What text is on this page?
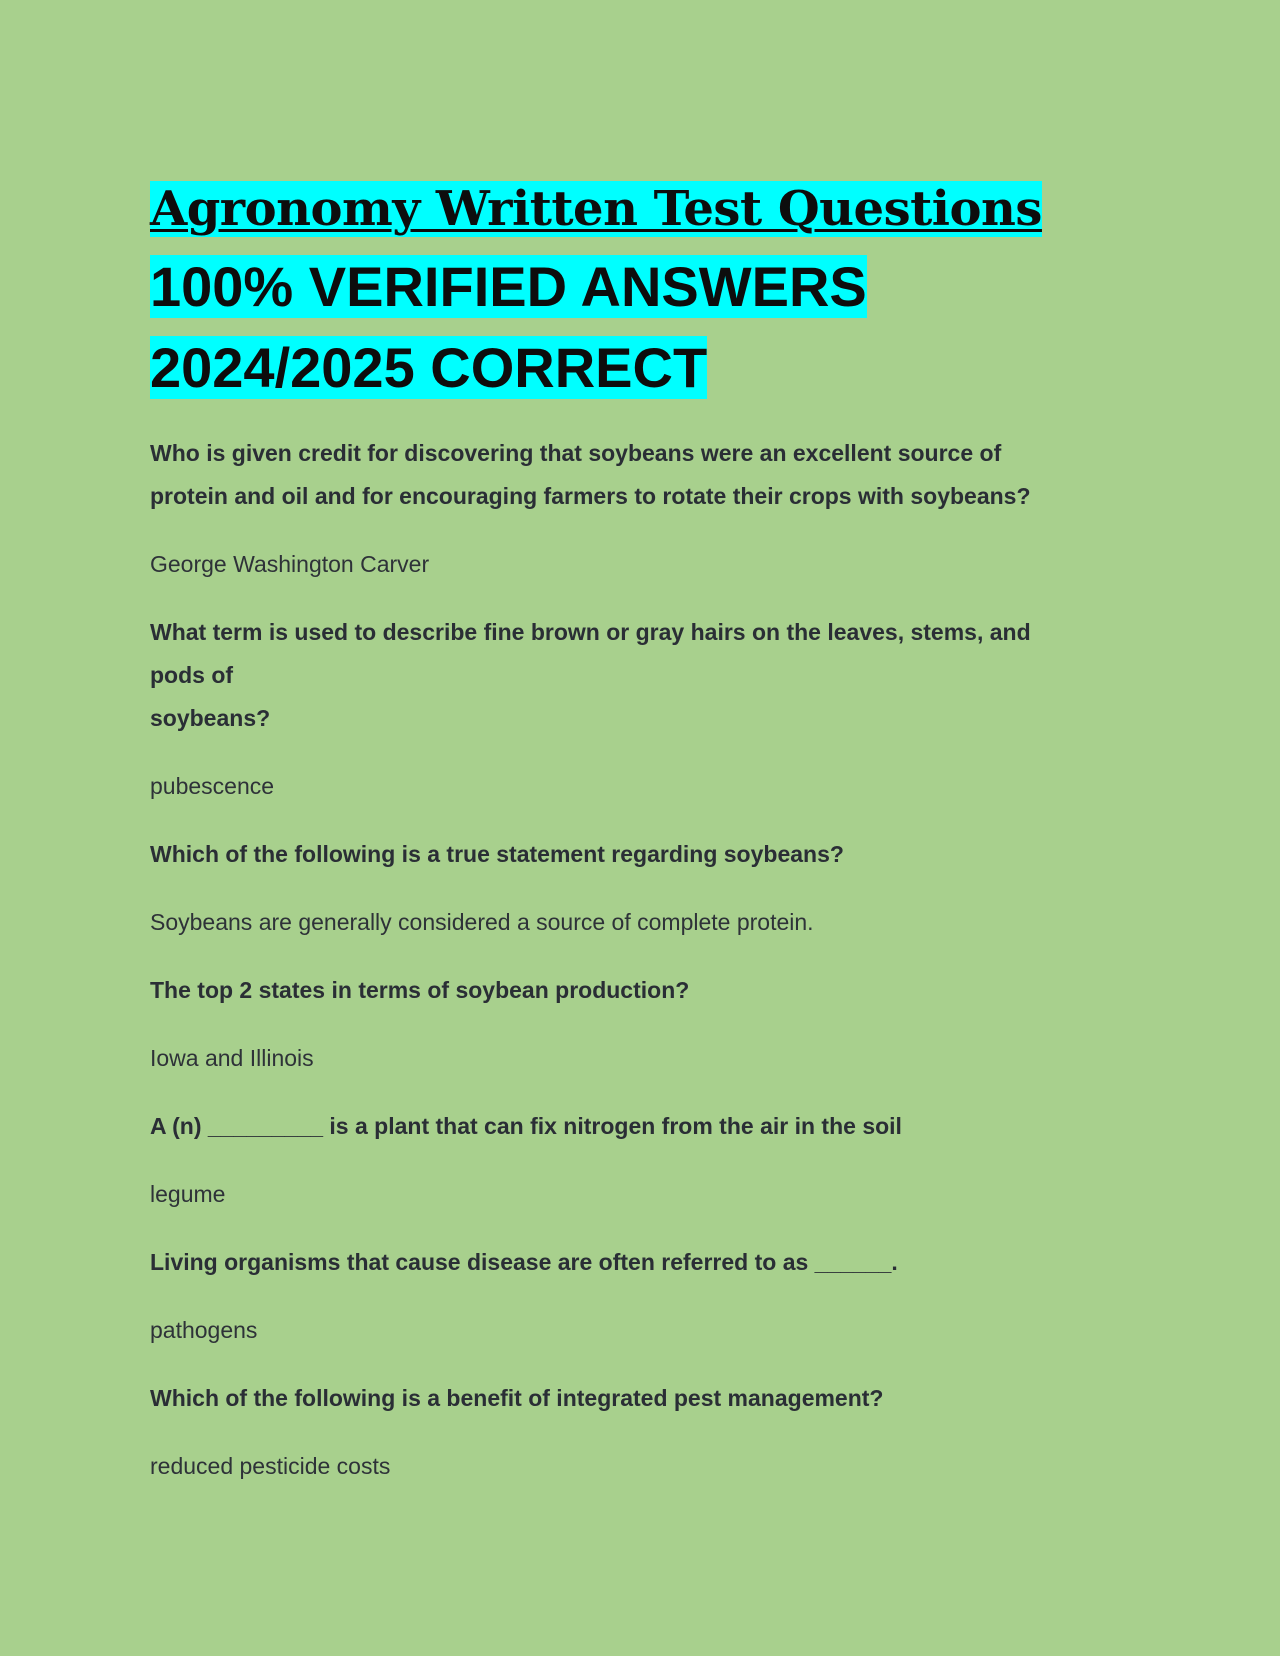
Agronomy Written Test Questions
100% VERIFIED ANSWERS
2024/2025 CORRECT

Who is given credit for discovering that soybeans were an excellent source of
protein and oil and for encouraging farmers to rotate their crops with soybeans?

George Washington Carver

What term is used to describe fine brown or gray hairs on the leaves, stems, and
pods of
soybeans?

pubescence

Which of the following is a true statement regarding soybeans?

Soybeans are generally considered a source of complete protein.

The top 2 states in terms of soybean production?

Iowa and Illinois

A (n) _________ is a plant that can fix nitrogen from the air in the soil

legume

Living organisms that cause disease are often referred to as ______.

pathogens

Which of the following is a benefit of integrated pest management?

reduced pesticide costs
